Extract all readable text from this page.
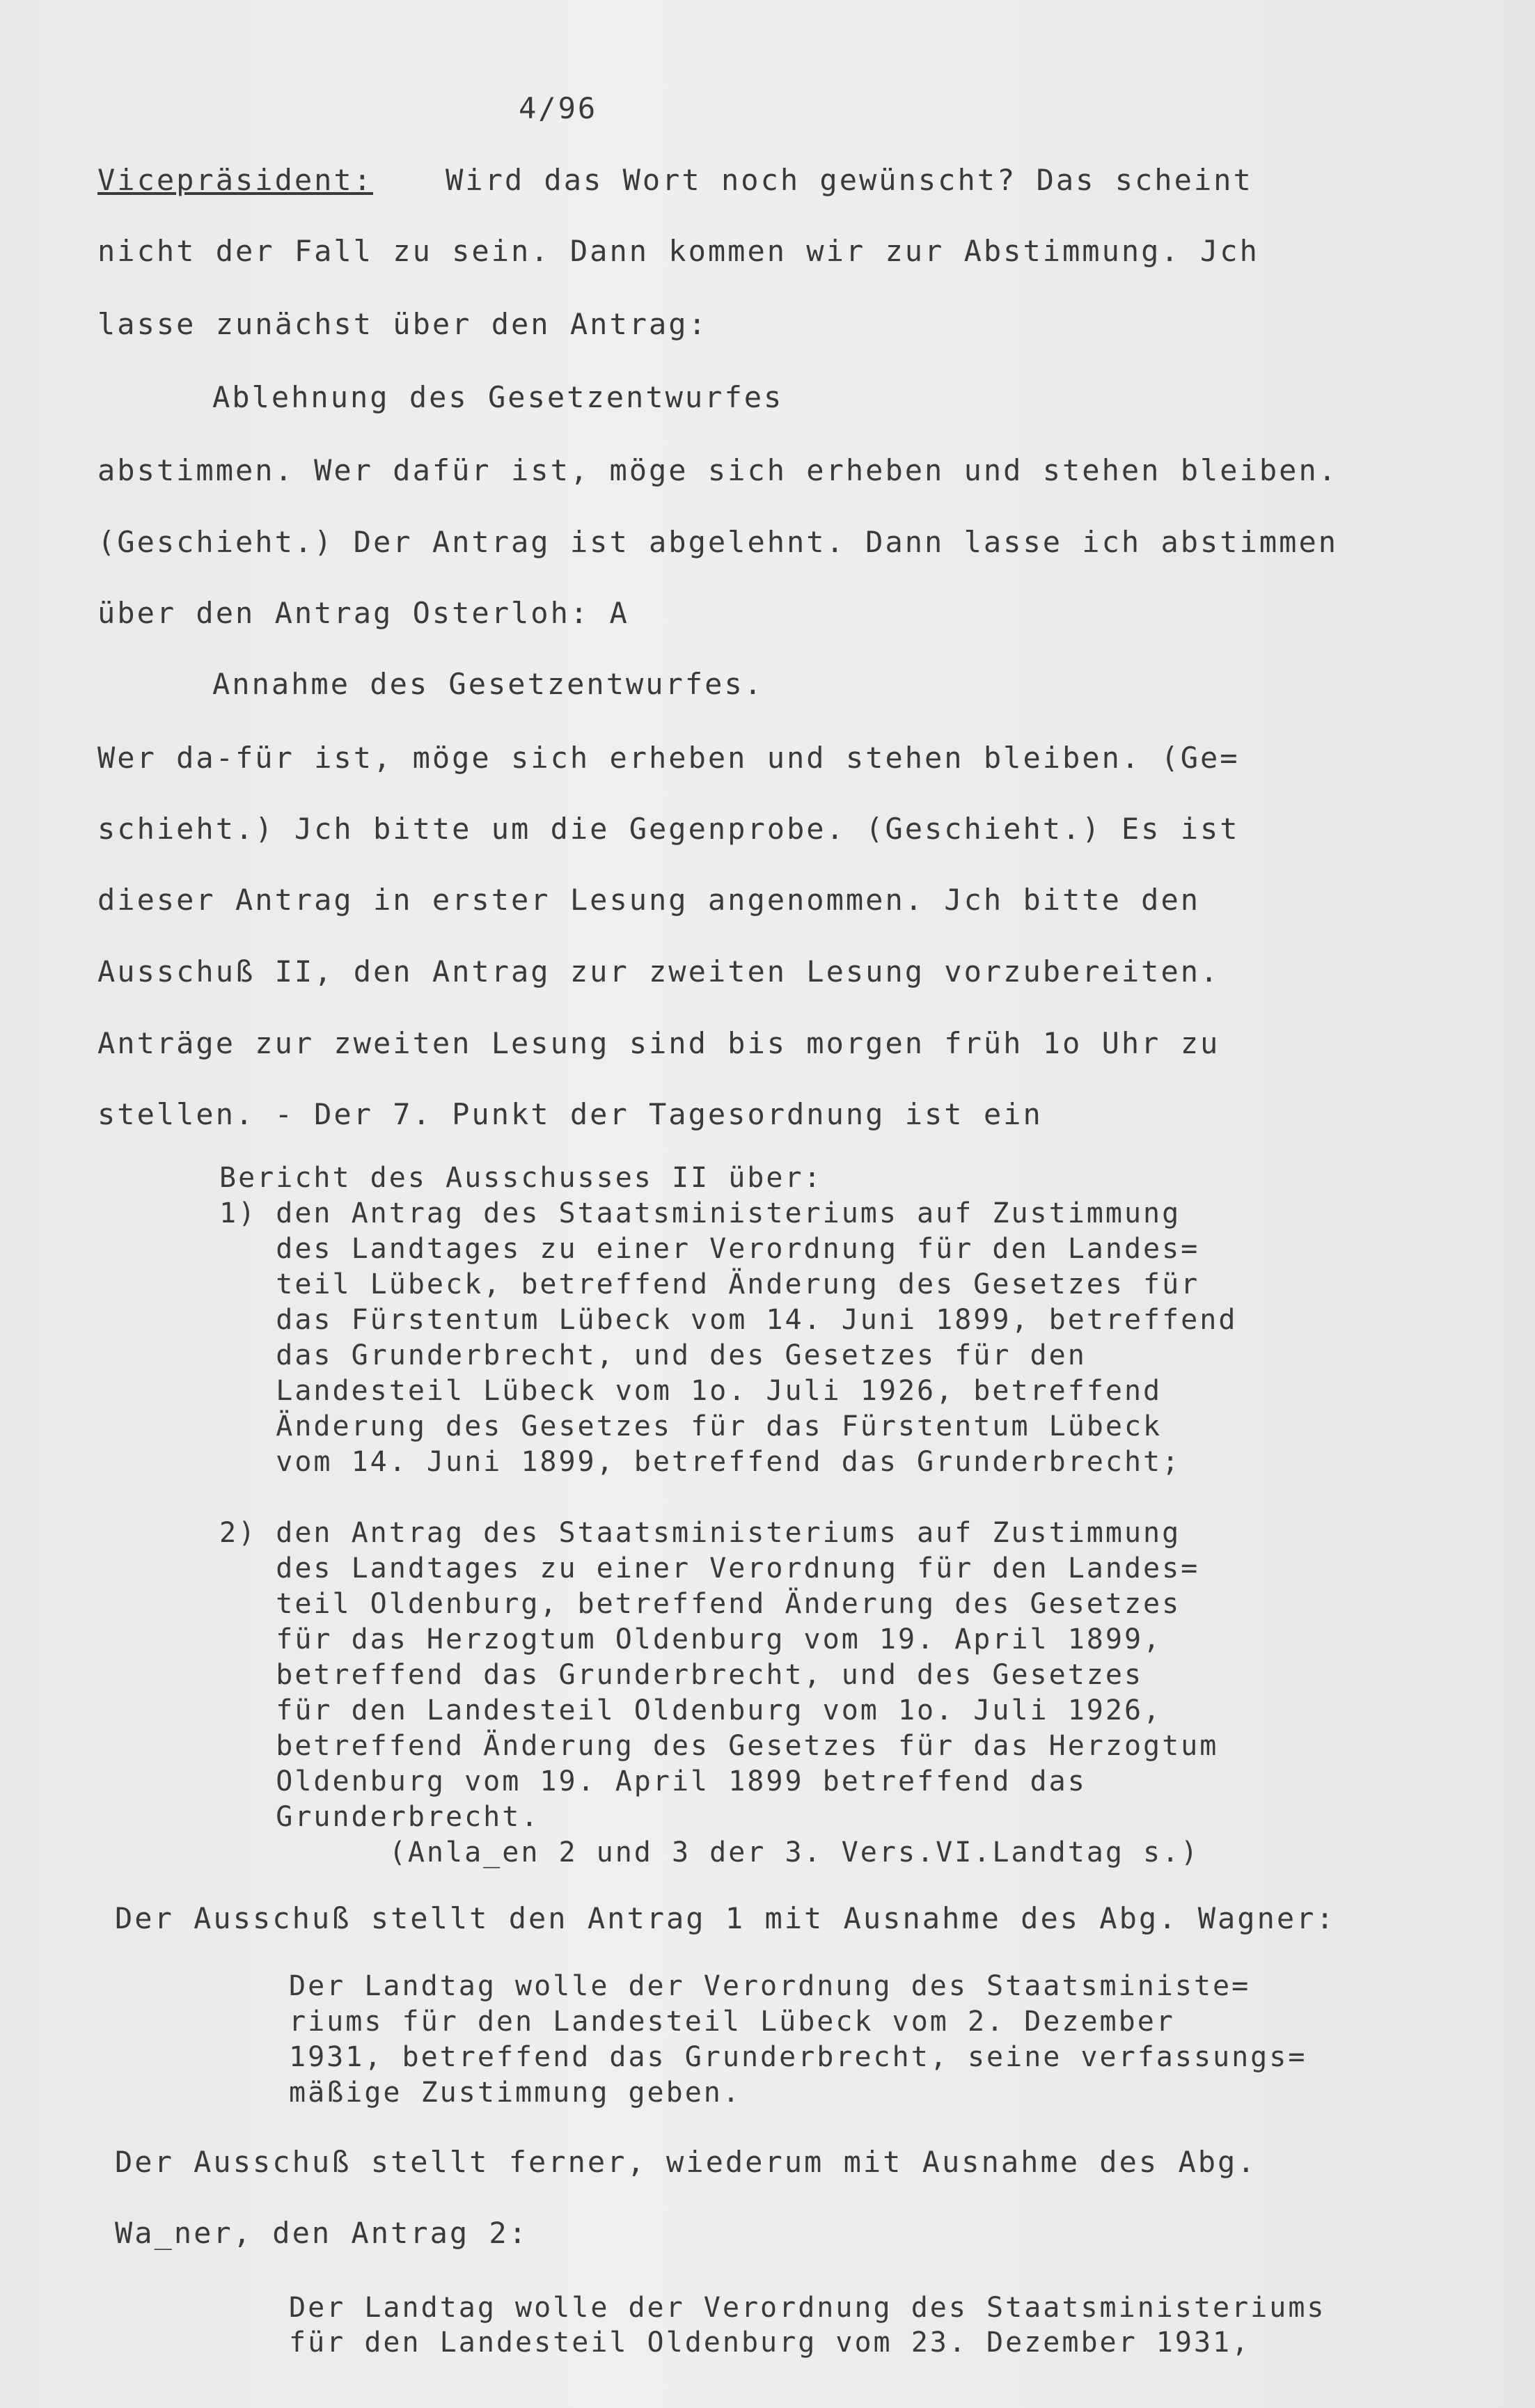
4/96
Vicepräsident: Wird das Wort noch gewünscht? Das scheint
nicht der Fall zu sein. Dann kommen wir zur Abstimmung. Jch
lasse zunächst über den Antrag:
Ablehnung des Gesetzentwurfes
abstimmen. Wer dafür ist, möge sich erheben und stehen bleiben.
(Geschieht.) Der Antrag ist abgelehnt. Dann lasse ich abstimmen
über den Antrag Osterloh: A
Annahme des Gesetzentwurfes.
Wer da-für ist, möge sich erheben und stehen bleiben. (Ge=
schieht.) Jch bitte um die Gegenprobe. (Geschieht.) Es ist
dieser Antrag in erster Lesung angenommen. Jch bitte den
Ausschuß II, den Antrag zur zweiten Lesung vorzubereiten.
Anträge zur zweiten Lesung sind bis morgen früh 1o Uhr zu
stellen. - Der 7. Punkt der Tagesordnung ist ein
Bericht des Ausschusses II über:
1) den Antrag des Staatsministeriums auf Zustimmung
des Landtages zu einer Verordnung für den Landes=
teil Lübeck, betreffend Änderung des Gesetzes für
das Fürstentum Lübeck vom 14. Juni 1899, betreffend
das Grunderbrecht, und des Gesetzes für den
Landesteil Lübeck vom 1o. Juli 1926, betreffend
Änderung des Gesetzes für das Fürstentum Lübeck
vom 14. Juni 1899, betreffend das Grunderbrecht;
2) den Antrag des Staatsministeriums auf Zustimmung
des Landtages zu einer Verordnung für den Landes=
teil Oldenburg, betreffend Änderung des Gesetzes
für das Herzogtum Oldenburg vom 19. April 1899,
betreffend das Grunderbrecht, und des Gesetzes
für den Landesteil Oldenburg vom 1o. Juli 1926,
betreffend Änderung des Gesetzes für das Herzogtum
Oldenburg vom 19. April 1899 betreffend das
Grunderbrecht.
(Anla_en 2 und 3 der 3. Vers.VI.Landtag s.)
Der Ausschuß stellt den Antrag 1 mit Ausnahme des Abg. Wagner:
Der Landtag wolle der Verordnung des Staatsministe=
riums für den Landesteil Lübeck vom 2. Dezember
1931, betreffend das Grunderbrecht, seine verfassungs=
mäßige Zustimmung geben.
Der Ausschuß stellt ferner, wiederum mit Ausnahme des Abg.
Wa_ner, den Antrag 2:
Der Landtag wolle der Verordnung des Staatsministeriums
für den Landesteil Oldenburg vom 23. Dezember 1931,
